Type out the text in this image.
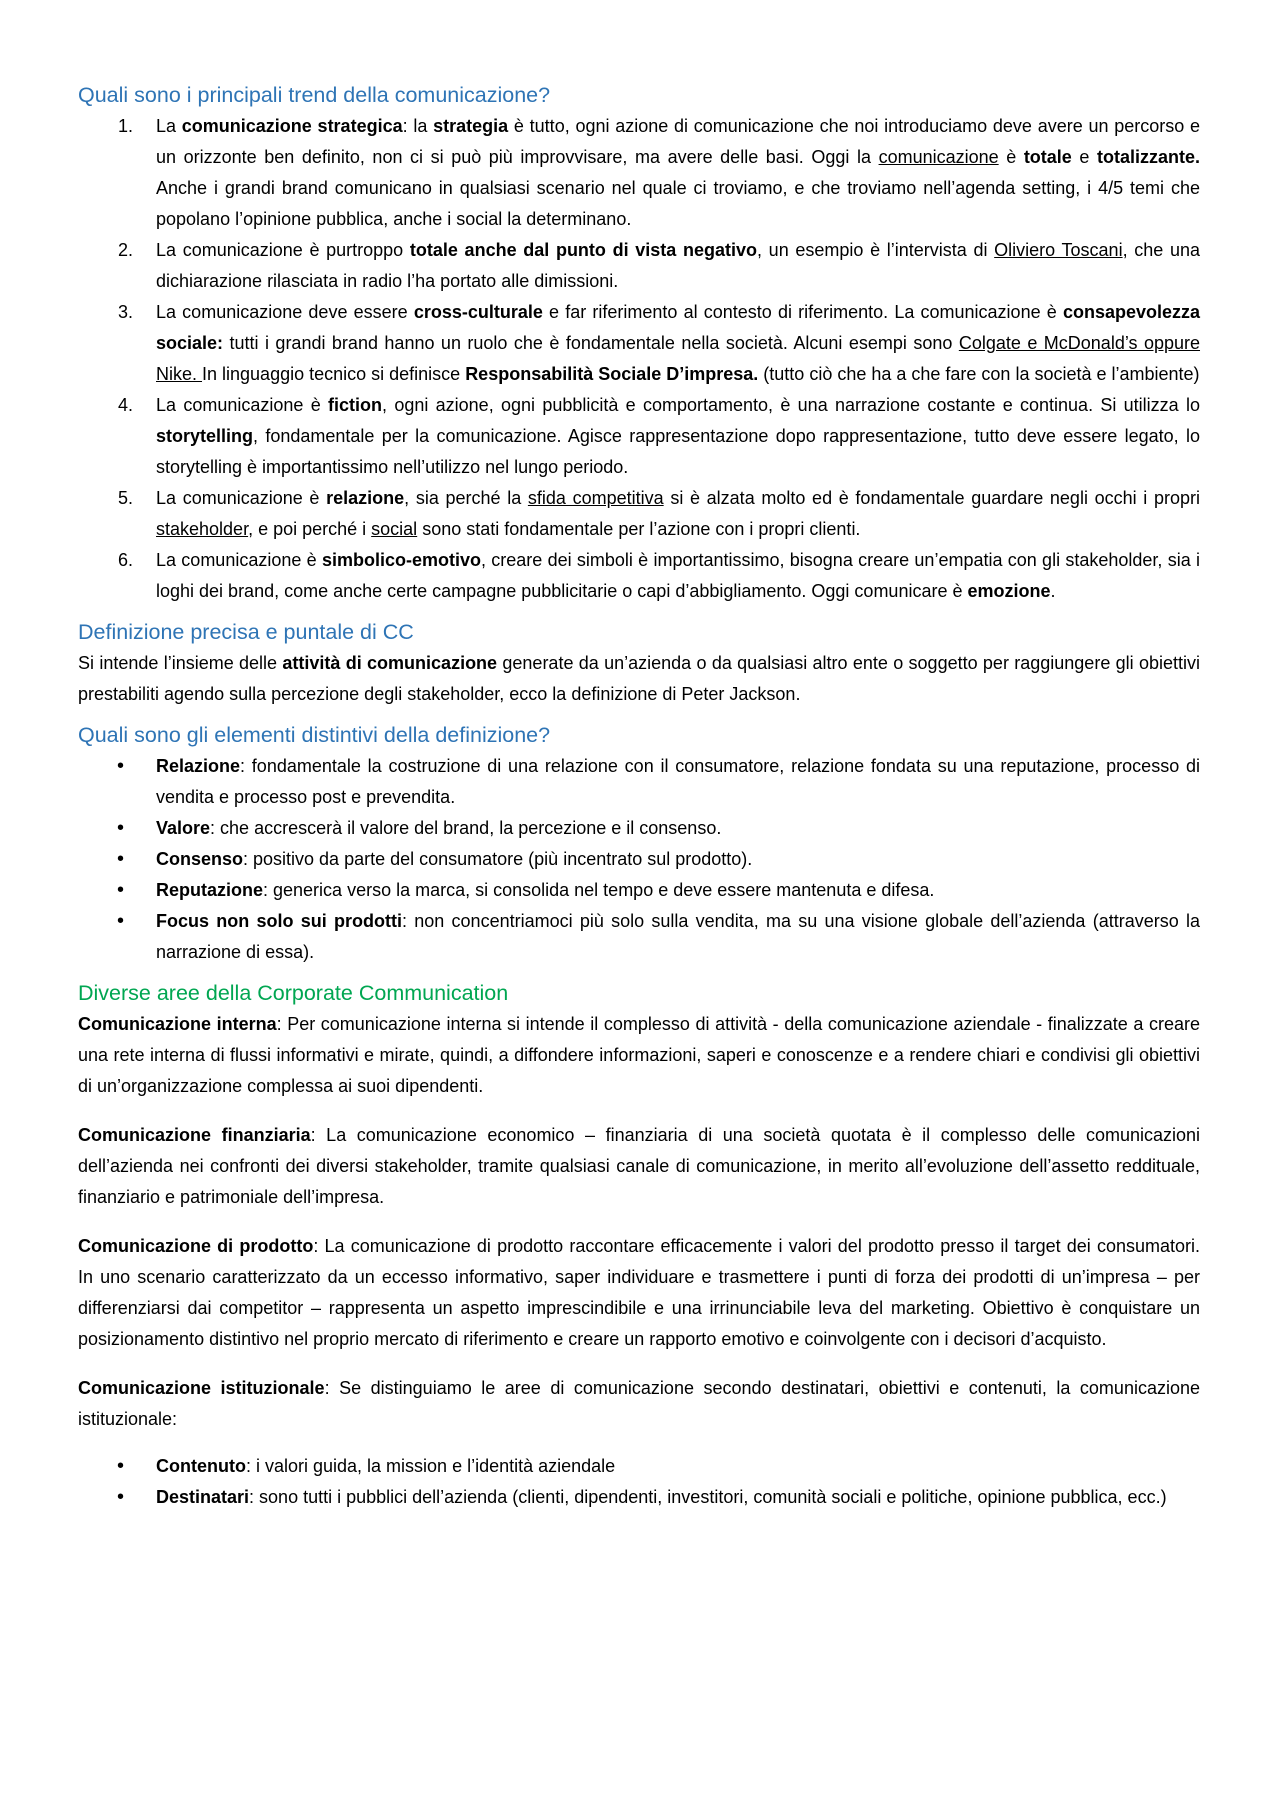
Quali sono i principali trend della comunicazione?
1. La comunicazione strategica: la strategia è tutto, ogni azione di comunicazione che noi introduciamo deve avere un percorso e un orizzonte ben definito, non ci si può più improvvisare, ma avere delle basi. Oggi la comunicazione è totale e totalizzante. Anche i grandi brand comunicano in qualsiasi scenario nel quale ci troviamo, e che troviamo nell’agenda setting, i 4/5 temi che popolano l’opinione pubblica, anche i social la determinano.
2. La comunicazione è purtroppo totale anche dal punto di vista negativo, un esempio è l’intervista di Oliviero Toscani, che una dichiarazione rilasciata in radio l’ha portato alle dimissioni.
3. La comunicazione deve essere cross-culturale e far riferimento al contesto di riferimento. La comunicazione è consapevolezza sociale: tutti i grandi brand hanno un ruolo che è fondamentale nella società. Alcuni esempi sono Colgate e McDonald’s oppure Nike. In linguaggio tecnico si definisce Responsabilità Sociale D’impresa. (tutto ciò che ha a che fare con la società e l’ambiente)
4. La comunicazione è fiction, ogni azione, ogni pubblicità e comportamento, è una narrazione costante e continua. Si utilizza lo storytelling, fondamentale per la comunicazione. Agisce rappresentazione dopo rappresentazione, tutto deve essere legato, lo storytelling è importantissimo nell’utilizzo nel lungo periodo.
5. La comunicazione è relazione, sia perché la sfida competitiva si è alzata molto ed è fondamentale guardare negli occhi i propri stakeholder, e poi perché i social sono stati fondamentale per l’azione con i propri clienti.
6. La comunicazione è simbolico-emotivo, creare dei simboli è importantissimo, bisogna creare un’empatia con gli stakeholder, sia i loghi dei brand, come anche certe campagne pubblicitarie o capi d’abbigliamento. Oggi comunicare è emozione.
Definizione precisa e puntale di CC

Si intende l’insieme delle attività di comunicazione generate da un’azienda o da qualsiasi altro ente o soggetto per raggiungere gli obiettivi prestabiliti agendo sulla percezione degli stakeholder, ecco la definizione di Peter Jackson.

Quali sono gli elementi distintivi della definizione?
• Relazione: fondamentale la costruzione di una relazione con il consumatore, relazione fondata su una reputazione, processo di vendita e processo post e prevendita.
• Valore: che accrescerà il valore del brand, la percezione e il consenso.
• Consenso: positivo da parte del consumatore (più incentrato sul prodotto).
• Reputazione: generica verso la marca, si consolida nel tempo e deve essere mantenuta e difesa.
• Focus non solo sui prodotti: non concentriamoci più solo sulla vendita, ma su una visione globale dell’azienda (attraverso la narrazione di essa).
Diverse aree della Corporate Communication

Comunicazione interna: Per comunicazione interna si intende il complesso di attività - della comunicazione aziendale - finalizzate a creare una rete interna di flussi informativi e mirate, quindi, a diffondere informazioni, saperi e conoscenze e a rendere chiari e condivisi gli obiettivi di un’organizzazione complessa ai suoi dipendenti.

Comunicazione finanziaria: La comunicazione economico – finanziaria di una società quotata è il complesso delle comunicazioni dell’azienda nei confronti dei diversi stakeholder, tramite qualsiasi canale di comunicazione, in merito all’evoluzione dell’assetto reddituale, finanziario e patrimoniale dell’impresa.

Comunicazione di prodotto: La comunicazione di prodotto raccontare efficacemente i valori del prodotto presso il target dei consumatori. In uno scenario caratterizzato da un eccesso informativo, saper individuare e trasmettere i punti di forza dei prodotti di un’impresa – per differenziarsi dai competitor – rappresenta un aspetto imprescindibile e una irrinunciabile leva del marketing. Obiettivo è conquistare un posizionamento distintivo nel proprio mercato di riferimento e creare un rapporto emotivo e coinvolgente con i decisori d’acquisto.

Comunicazione istituzionale: Se distinguiamo le aree di comunicazione secondo destinatari, obiettivi e contenuti, la comunicazione istituzionale:

• Contenuto: i valori guida, la mission e l’identità aziendale
• Destinatari: sono tutti i pubblici dell’azienda (clienti, dipendenti, investitori, comunità sociali e politiche, opinione pubblica, ecc.)
